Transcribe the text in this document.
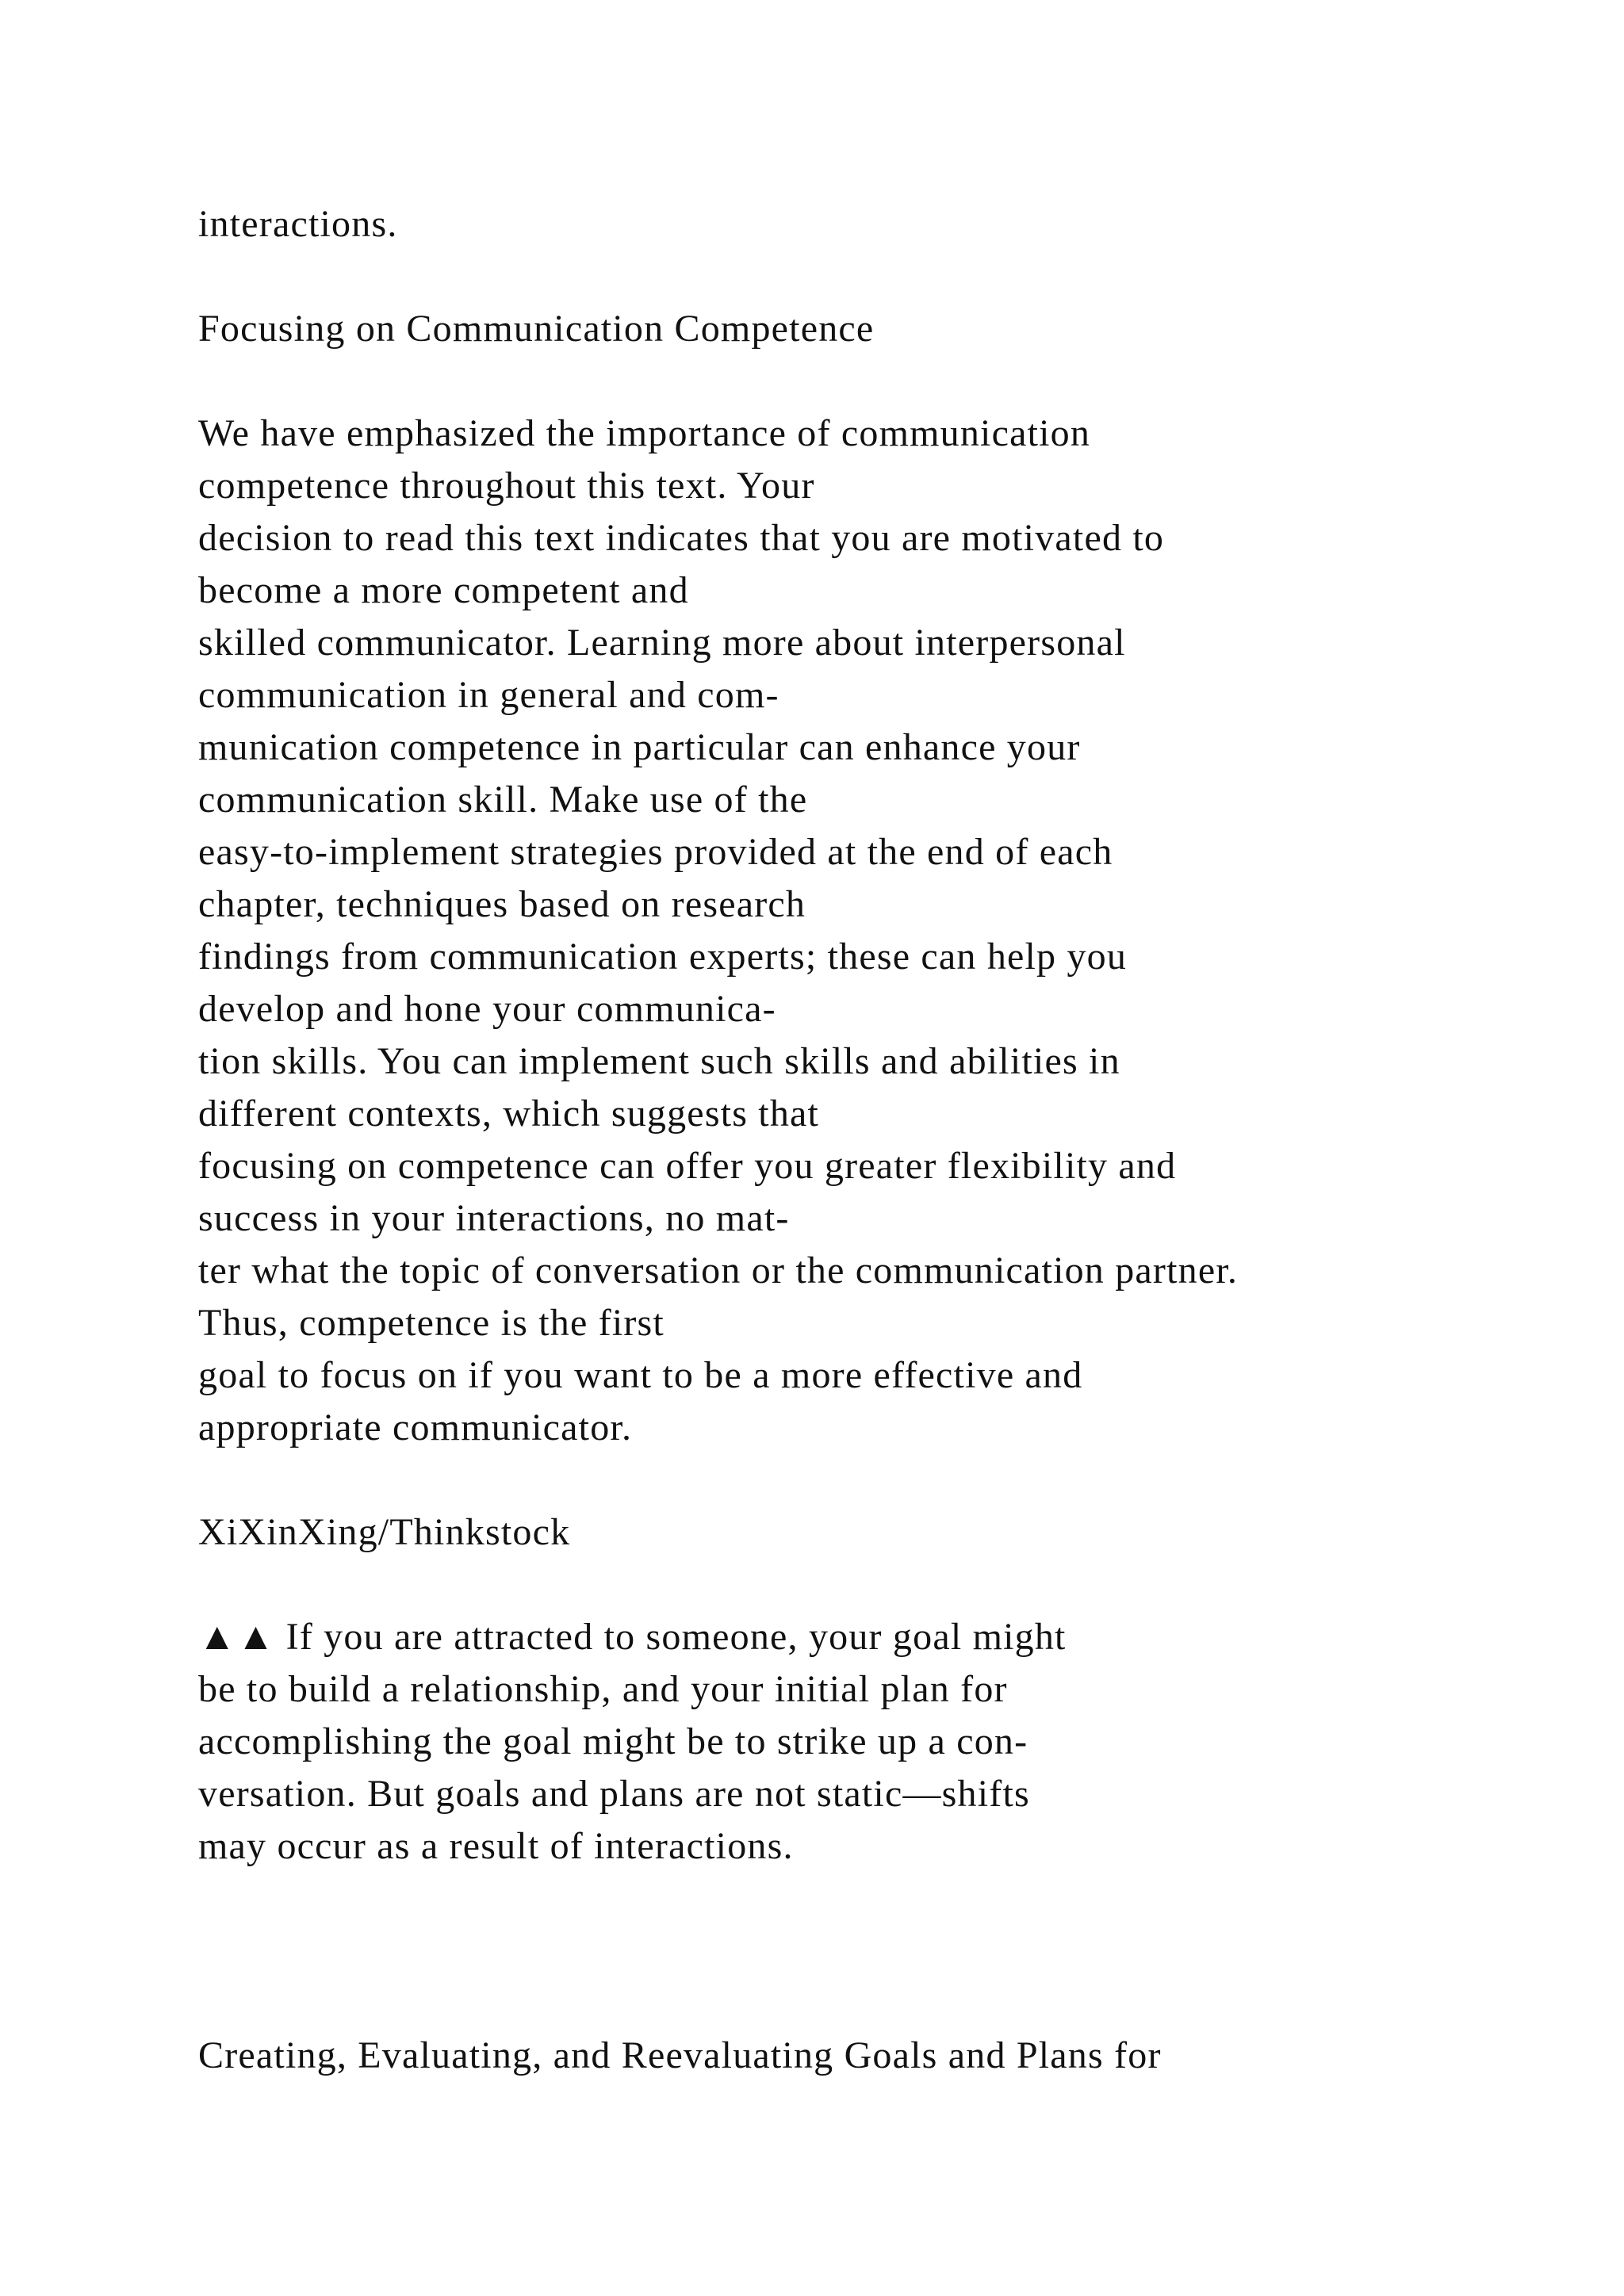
interactions.
Focusing on Communication Competence
We have emphasized the importance of communication
competence throughout this text. Your
decision to read this text indicates that you are motivated to
become a more competent and
skilled communicator. Learning more about interpersonal
communication in general and com-
munication competence in particular can enhance your
communication skill. Make use of the
easy-to-implement strategies provided at the end of each
chapter, techniques based on research
findings from communication experts; these can help you
develop and hone your communica-
tion skills. You can implement such skills and abilities in
different contexts, which suggests that
focusing on competence can offer you greater flexibility and
success in your interactions, no mat-
ter what the topic of conversation or the communication partner.
Thus, competence is the first
goal to focus on if you want to be a more effective and
appropriate communicator.
XiXinXing/Thinkstock
▲▲ If you are attracted to someone, your goal might
be to build a relationship, and your initial plan for
accomplishing the goal might be to strike up a con-
versation. But goals and plans are not static—shifts
may occur as a result of interactions.
Creating, Evaluating, and Reevaluating Goals and Plans for
